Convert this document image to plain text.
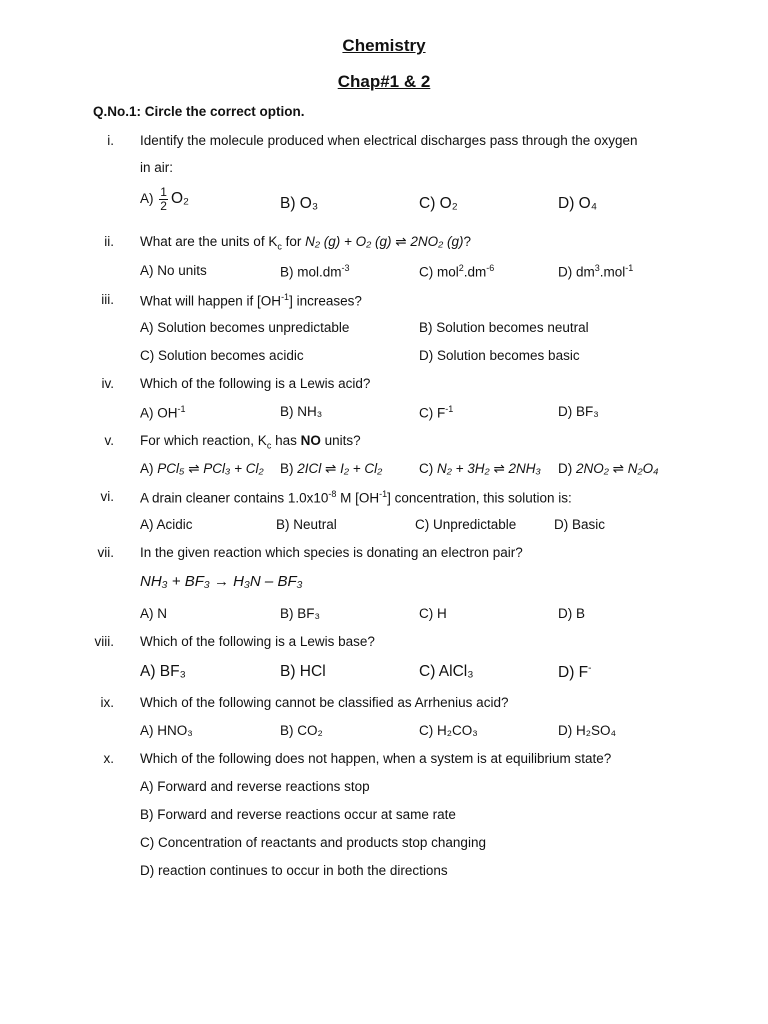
Chemistry
Chap#1 & 2
Q.No.1: Circle the correct option.
i. Identify the molecule produced when electrical discharges pass through the oxygen
in air:
$A) \frac{1}{2} O_2$	B) O₃	C) O₂	D) O₄
ii. What are the units of $K_c$ for N₂ (g) + O₂ (g) ⇌ 2NO₂ (g)?
A) No units	B) $mol.dm^{-3}$	C) $mol^2.dm^{-6}$	D) $dm^3.mol^{-1}$
iii. What will happen if $[OH^{-1}]$ increases?
A) Solution becomes unpredictable	B) Solution becomes neutral
C) Solution becomes acidic	D) Solution becomes basic
iv. Which of the following is a Lewis acid?
A) $OH^{-1}$	B) NH₃	C) $F^{-1}$	D) BF₃
v. For which reaction, $K_c$ has NO units?
A) PCl₅ ⇌ PCl₃ + Cl₂ B) 2ICl ⇌ I₂ + Cl₂	C) N₂ + 3H₂ ⇌ 2NH₃ D) 2NO₂ ⇌ N₂O₄
vi. A drain cleaner contains $1.0x10^{-8}$ M $[OH^{-1}]$ concentration, this solution is:
A) Acidic	B) Neutral	C) Unpredictable	D) Basic
vii. In the given reaction which species is donating an electron pair?
NH₃ + BF₃ → H₃N – BF₃
A) N	B) BF₃	C) H	D) B
viii. Which of the following is a Lewis base?
A) BF₃	B) HCl	C) AlCl₃	D) F-
ix. Which of the following cannot be classified as Arrhenius acid?
A) HNO₃	B) CO₂	C) H₂CO₃	D) H₂SO₄
x. Which of the following does not happen, when a system is at equilibrium state?
A) Forward and reverse reactions stop
B) Forward and reverse reactions occur at same rate
C) Concentration of reactants and products stop changing
D) reaction continues to occur in both the directions
